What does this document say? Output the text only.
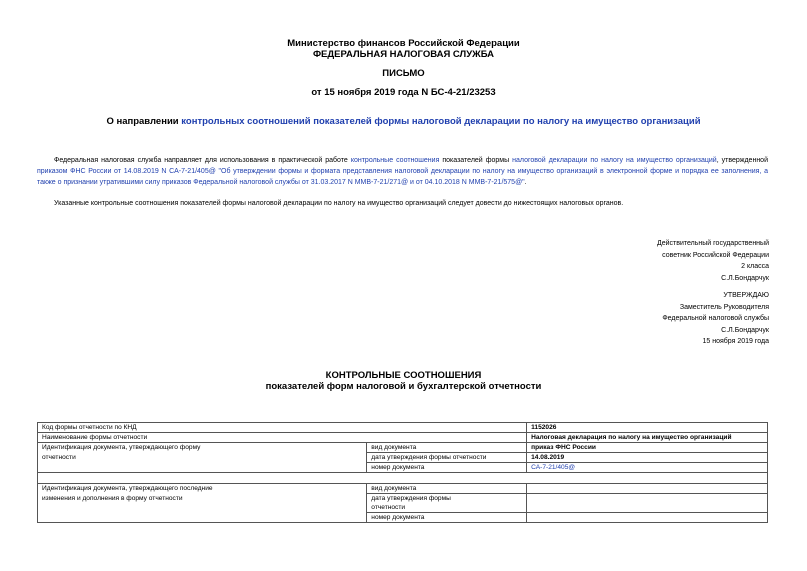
Министерство финансов Российской Федерации
ФЕДЕРАЛЬНАЯ НАЛОГОВАЯ СЛУЖБА
ПИСЬМО
от 15 ноября 2019 года N БС-4-21/23253
О направлении контрольных соотношений показателей формы налоговой декларации по налогу на имущество организаций
Федеральная налоговая служба направляет для использования в практической работе контрольные соотношения показателей формы налоговой декларации по налогу на имущество организаций, утвержденной приказом ФНС России от 14.08.2019 N СА-7-21/405@ "Об утверждении формы и формата представления налоговой декларации по налогу на имущество организаций в электронной форме и порядка ее заполнения, а также о признании утратившими силу приказов Федеральной налоговой службы от 31.03.2017 N ММВ-7-21/271@ и от 04.10.2018 N ММВ-7-21/575@".
Указанные контрольные соотношения показателей формы налоговой декларации по налогу на имущество организаций следует довести до нижестоящих налоговых органов.
Действительный государственный
советник Российской Федерации
2 класса
С.Л.Бондарчук
УТВЕРЖДАЮ
Заместитель Руководителя
Федеральной налоговой службы
С.Л.Бондарчук
15 ноября 2019 года
КОНТРОЛЬНЫЕ СООТНОШЕНИЯ
показателей форм налоговой и бухгалтерской отчетности
Код формы отчетности по КНД		1152026
Наименование формы отчетности		Налоговая декларация по налогу на имущество организаций
Идентификация документа, утверждающего форму	вид документа	приказ ФНС России
отчетности	дата утверждения формы отчетности	14.08.2019
	номер документа	СА-7-21/405@

Идентификация документа, утверждающего последние	вид документа	
изменения и дополнения в форму отчетности	дата утверждения формы	
	отчетности	
	номер документа	
